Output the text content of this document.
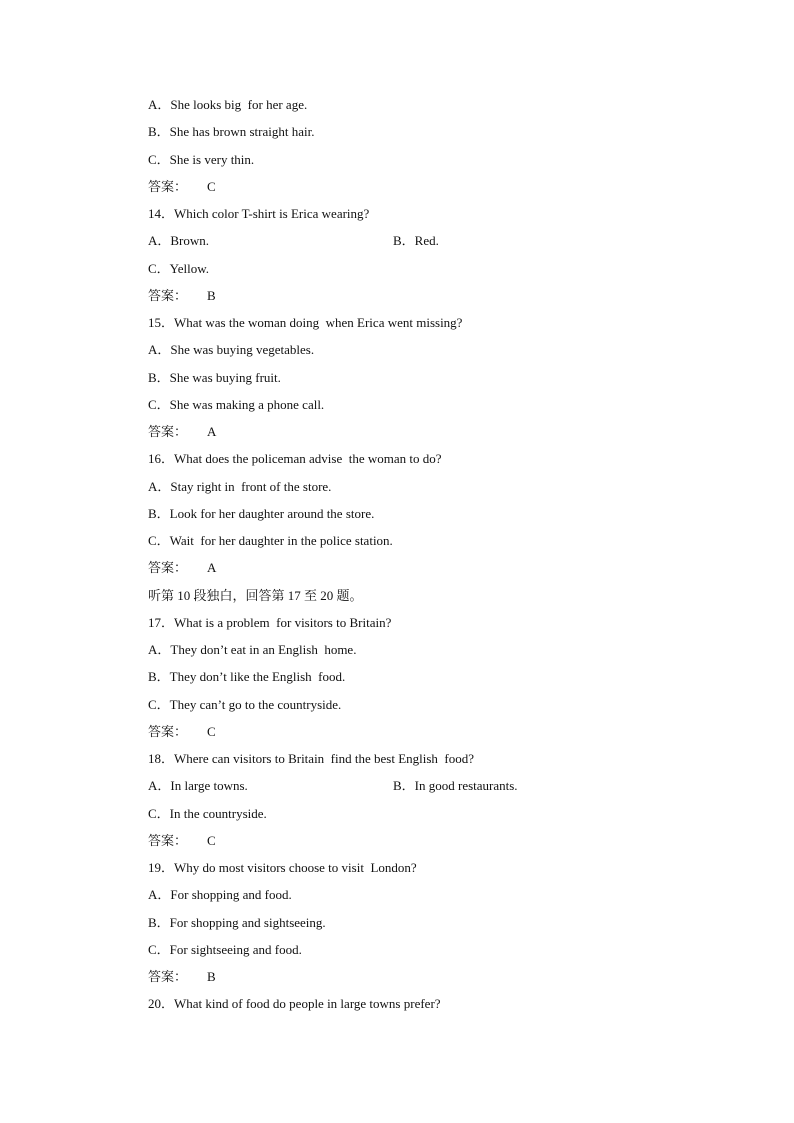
A．She looks big  for her age.
B．She has brown straight hair.
C．She is very thin.
答案： C
14．Which color T-shirt is Erica wearing?
A．Brown.	B．Red.
C．Yellow.
答案： B
15．What was the woman doing  when Erica went missing?
A．She was buying vegetables.
B．She was buying fruit.
C．She was making a phone call.
答案： A
16．What does the policeman advise  the woman to do?
A．Stay right in  front of the store.
B．Look for her daughter around the store.
C．Wait  for her daughter in the police station.
答案： A
听第 10 段独白，回答第 17 至 20 题。
17．What is a problem  for visitors to Britain?
A．They don’t eat in an English  home.
B．They don’t like the English  food.
C．They can’t go to the countryside.
答案： C
18．Where can visitors to Britain  find the best English  food?
A．In large towns.	B．In good restaurants.
C．In the countryside.
答案： C
19．Why do most visitors choose to visit  London?
A．For shopping and food.
B．For shopping and sightseeing.
C．For sightseeing and food.
答案： B
20．What kind of food do people in large towns prefer?
